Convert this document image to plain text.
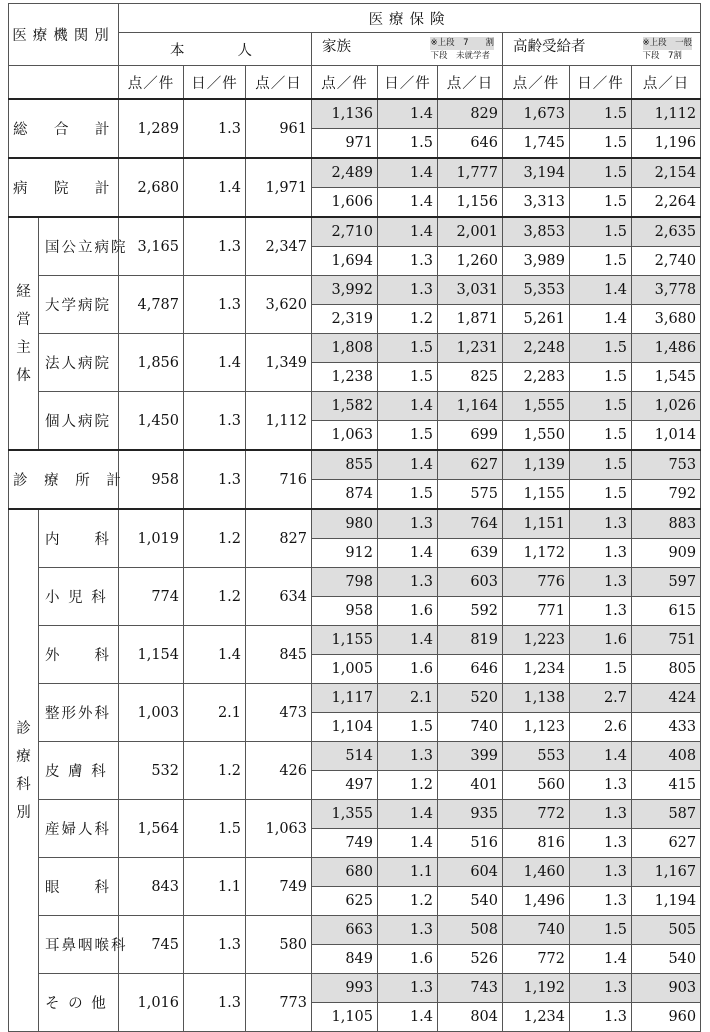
医療機関別		医療保険								
		本　　人			家族 ※上段　7　　割
下段　未就学者			高齢受給者 ※上段　一般
下段　7割		

		点／件	日／件	点／日	点／件	日／件	点／日	点／件	日／件	点／日
総　合　計		1,289	1.3	961	1,136	1.4	829	1,673	1.5	1,112
					971	1.5	646	1,745	1.5	1,196
病　院　計		2,680	1.4	1,971	2,489	1.4	1,777	3,194	1.5	2,154
					1,606	1.4	1,156	3,313	1.5	2,264

経
営
主
体	国公立病院	3,165	1.3	2,347	2,710	1.4	2,001	3,853	1.5	2,635
					1,694	1.3	1,260	3,989	1.5	2,740
	大学病院	4,787	1.3	3,620	3,992	1.3	3,031	5,353	1.4	3,778
					2,319	1.2	1,871	5,261	1.4	3,680
	法人病院	1,856	1.4	1,349	1,808	1.5	1,231	2,248	1.5	1,486
					1,238	1.5	825	2,283	1.5	1,545
	個人病院	1,450	1.3	1,112	1,582	1.4	1,164	1,555	1.5	1,026
					1,063	1.5	699	1,550	1.5	1,014
診 療 所 計		958	1.3	716	855	1.4	627	1,139	1.5	753
					874	1.5	575	1,155	1.5	792

診
療
科
別	内　　科	1,019	1.2	827	980	1.3	764	1,151	1.3	883
					912	1.4	639	1,172	1.3	909
	小 児 科	774	1.2	634	798	1.3	603	776	1.3	597
					958	1.6	592	771	1.3	615
	外　　科	1,154	1.4	845	1,155	1.4	819	1,223	1.6	751
					1,005	1.6	646	1,234	1.5	805
	整形外科	1,003	2.1	473	1,117	2.1	520	1,138	2.7	424
					1,104	1.5	740	1,123	2.6	433
	皮 膚 科	532	1.2	426	514	1.3	399	553	1.4	408
					497	1.2	401	560	1.3	415
	産婦人科	1,564	1.5	1,063	1,355	1.4	935	772	1.3	587
					749	1.4	516	816	1.3	627
	眼　　科	843	1.1	749	680	1.1	604	1,460	1.3	1,167
					625	1.2	540	1,496	1.3	1,194
	耳鼻咽喉科	745	1.3	580	663	1.3	508	740	1.5	505
					849	1.6	526	772	1.4	540
	そ の 他	1,016	1.3	773	993	1.3	743	1,192	1.3	903
					1,105	1.4	804	1,234	1.3	960
